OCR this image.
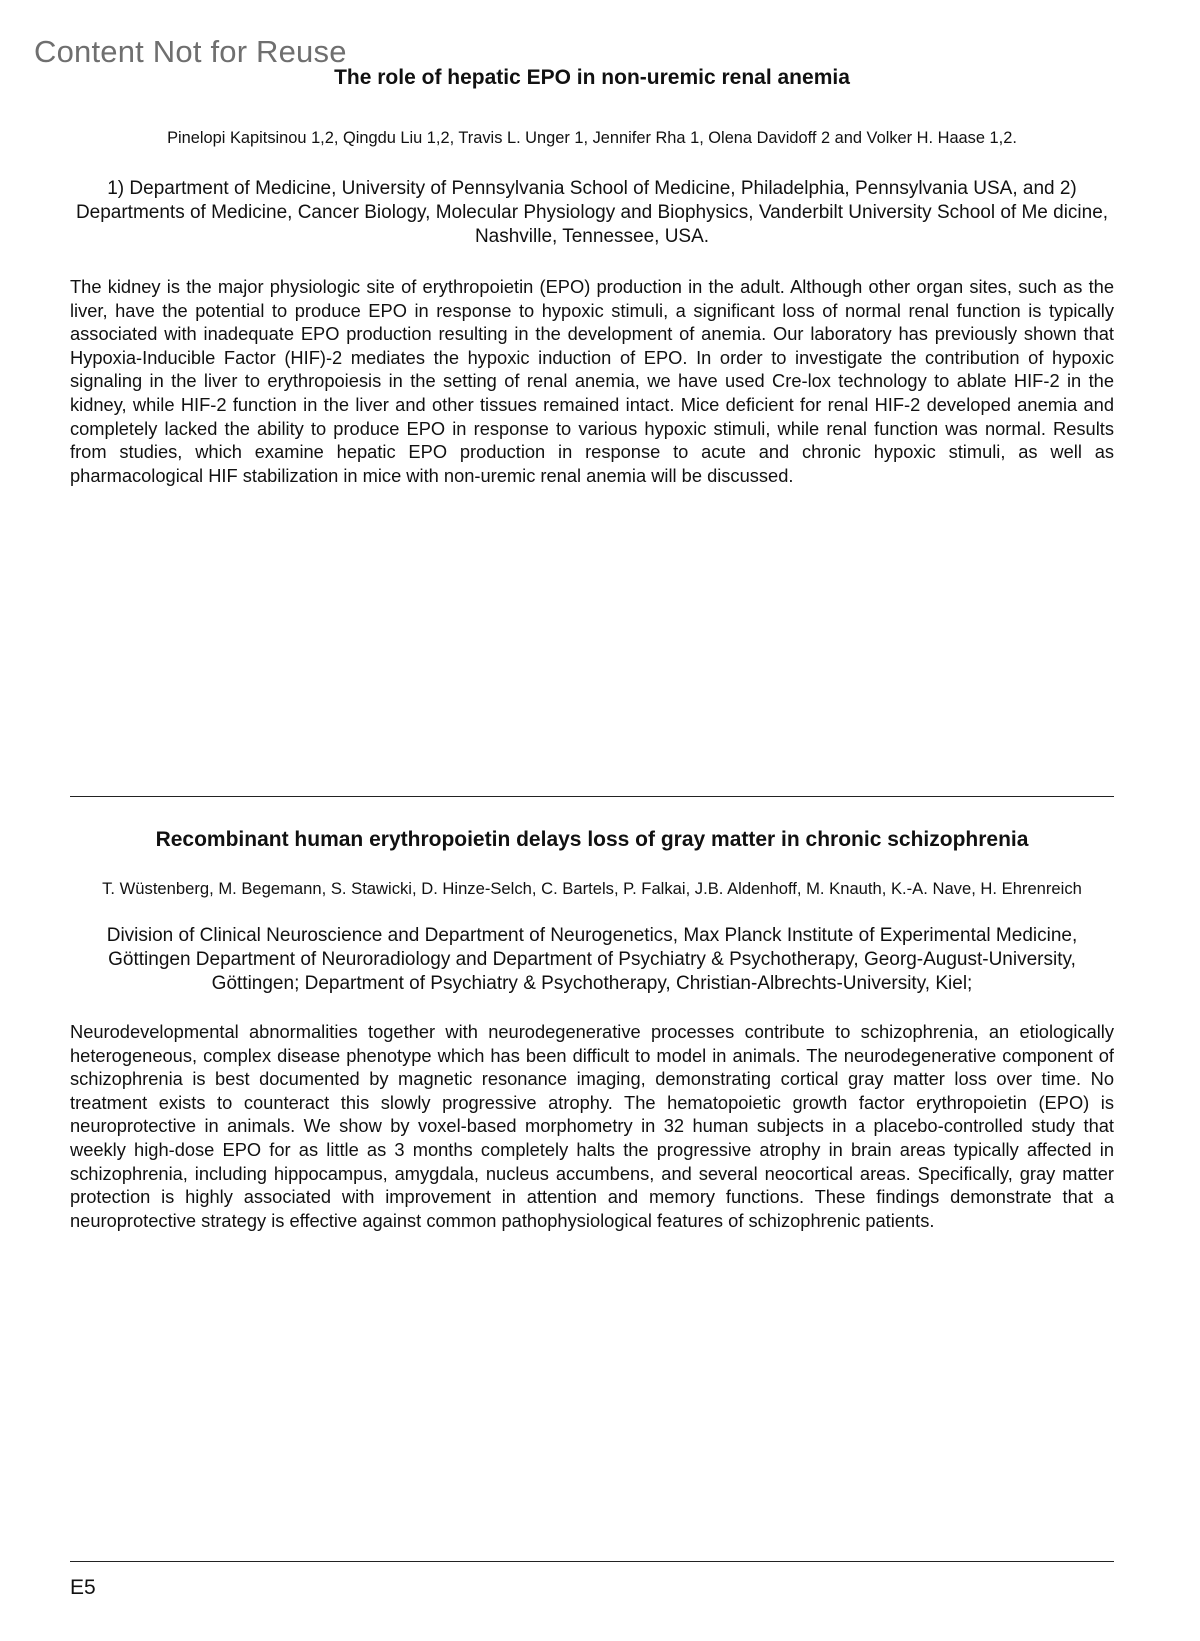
Content Not for Reuse
The role of hepatic EPO in non-uremic renal anemia

Pinelopi Kapitsinou 1,2, Qingdu Liu 1,2, Travis L. Unger 1, Jennifer Rha 1, Olena Davidoff 2 and Volker H. Haase 1,2.

1) Department of Medicine, University of Pennsylvania School of Medicine, Philadelphia, Pennsylvania USA, and 2) Departments of Medicine, Cancer Biology, Molecular Physiology and Biophysics, Vanderbilt University School of Me dicine, Nashville, Tennessee, USA.

The kidney is the major physiologic site of erythropoietin (EPO) production in the adult. Although other organ sites, such as the liver, have the potential to produce EPO in response to hypoxic stimuli, a significant loss of normal renal function is typically associated with inadequate EPO production resulting in the development of anemia. Our laboratory has previously shown that Hypoxia-Inducible Factor (HIF)-2 mediates the hypoxic induction of EPO. In order to investigate the contribution of hypoxic signaling in the liver to erythropoiesis in the setting of renal anemia, we have used Cre-lox technology to ablate HIF-2 in the kidney, while HIF-2 function in the liver and other tissues remained intact. Mice deficient for renal HIF-2 developed anemia and completely lacked the ability to produce EPO in response to various hypoxic stimuli, while renal function was normal. Results from studies, which examine hepatic EPO production in response to acute and chronic hypoxic stimuli, as well as pharmacological HIF stabilization in mice with non-uremic renal anemia will be discussed.

Recombinant human erythropoietin delays loss of gray matter in chronic schizophrenia

T. Wüstenberg, M. Begemann, S. Stawicki, D. Hinze-Selch, C. Bartels, P. Falkai, J.B. Aldenhoff, M. Knauth, K.-A. Nave, H. Ehrenreich

Division of Clinical Neuroscience and Department of Neurogenetics, Max Planck Institute of Experimental Medicine, Göttingen Department of Neuroradiology and Department of Psychiatry & Psychotherapy, Georg-August-University, Göttingen; Department of Psychiatry & Psychotherapy, Christian-Albrechts-University, Kiel;

Neurodevelopmental abnormalities together with neurodegenerative processes contribute to schizophrenia, an etiologically heterogeneous, complex disease phenotype which has been difficult to model in animals. The neurodegenerative component of schizophrenia is best documented by magnetic resonance imaging, demonstrating cortical gray matter loss over time. No treatment exists to counteract this slowly progressive atrophy. The hematopoietic growth factor erythropoietin (EPO) is neuroprotective in animals. We show by voxel-based morphometry in 32 human subjects in a placebo-controlled study that weekly high-dose EPO for as little as 3 months completely halts the progressive atrophy in brain areas typically affected in schizophrenia, including hippocampus, amygdala, nucleus accumbens, and several neocortical areas. Specifically, gray matter protection is highly associated with improvement in attention and memory functions. These findings demonstrate that a neuroprotective strategy is effective against common pathophysiological features of schizophrenic patients.

E5
